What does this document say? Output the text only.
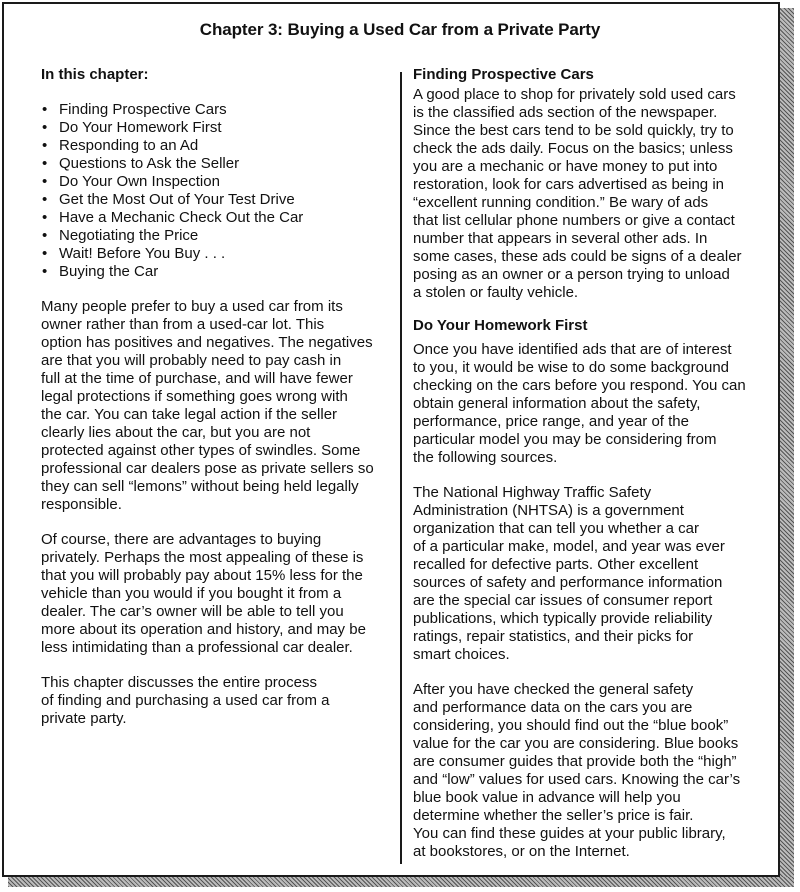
Chapter 3: Buying a Used Car from a Private Party
In this chapter:
• Finding Prospective Cars
• Do Your Homework First
• Responding to an Ad
• Questions to Ask the Seller
• Do Your Own Inspection
• Get the Most Out of Your Test Drive
• Have a Mechanic Check Out the Car
• Negotiating the Price
• Wait! Before You Buy . . .
• Buying the Car

Many people prefer to buy a used car from its
owner rather than from a used-car lot. This
option has positives and negatives. The negatives
are that you will probably need to pay cash in
full at the time of purchase, and will have fewer
legal protections if something goes wrong with
the car. You can take legal action if the seller
clearly lies about the car, but you are not
protected against other types of swindles. Some
professional car dealers pose as private sellers so
they can sell “lemons” without being held legally
responsible.

Of course, there are advantages to buying
privately. Perhaps the most appealing of these is
that you will probably pay about 15% less for the
vehicle than you would if you bought it from a
dealer. The car’s owner will be able to tell you
more about its operation and history, and may be
less intimidating than a professional car dealer.

This chapter discusses the entire process
of finding and purchasing a used car from a
private party.

Finding Prospective Cars

A good place to shop for privately sold used cars
is the classified ads section of the newspaper.
Since the best cars tend to be sold quickly, try to
check the ads daily. Focus on the basics; unless
you are a mechanic or have money to put into
restoration, look for cars advertised as being in
“excellent running condition.” Be wary of ads
that list cellular phone numbers or give a contact
number that appears in several other ads. In
some cases, these ads could be signs of a dealer
posing as an owner or a person trying to unload
a stolen or faulty vehicle.

Do Your Homework First

Once you have identified ads that are of interest
to you, it would be wise to do some background
checking on the cars before you respond. You can
obtain general information about the safety,
performance, price range, and year of the
particular model you may be considering from
the following sources.

The National Highway Traffic Safety
Administration (NHTSA) is a government
organization that can tell you whether a car
of a particular make, model, and year was ever
recalled for defective parts. Other excellent
sources of safety and performance information
are the special car issues of consumer report
publications, which typically provide reliability
ratings, repair statistics, and their picks for
smart choices.

After you have checked the general safety
and performance data on the cars you are
considering, you should find out the “blue book”
value for the car you are considering. Blue books
are consumer guides that provide both the “high”
and “low” values for used cars. Knowing the car’s
blue book value in advance will help you
determine whether the seller’s price is fair.
You can find these guides at your public library,
at bookstores, or on the Internet.
